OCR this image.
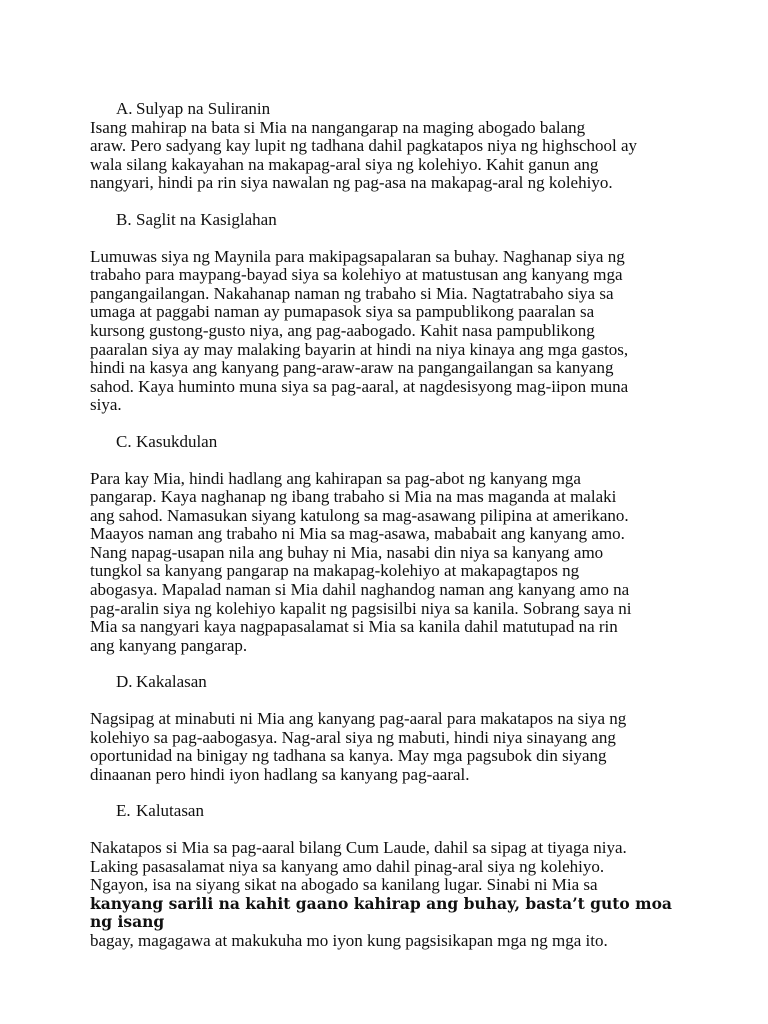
A. Sulyap na Suliranin

Isang mahirap na bata si Mia na nangangarap na maging abogado balang
araw. Pero sadyang kay lupit ng tadhana dahil pagkatapos niya ng highschool ay
wala silang kakayahan na makapag-aral siya ng kolehiyo. Kahit ganun ang
nangyari, hindi pa rin siya nawalan ng pag-asa na makapag-aral ng kolehiyo.

B. Saglit na Kasiglahan

Lumuwas siya ng Maynila para makipagsapalaran sa buhay. Naghanap siya ng
trabaho para maypang-bayad siya sa kolehiyo at matustusan ang kanyang mga
pangangailangan. Nakahanap naman ng trabaho si Mia. Nagtatrabaho siya sa
umaga at paggabi naman ay pumapasok siya sa pampublikong paaralan sa
kursong gustong-gusto niya, ang pag-aabogado. Kahit nasa pampublikong
paaralan siya ay may malaking bayarin at hindi na niya kinaya ang mga gastos,
hindi na kasya ang kanyang pang-araw-araw na pangangailangan sa kanyang
sahod. Kaya huminto muna siya sa pag-aaral, at nagdesisyong mag-iipon muna
siya.

C. Kasukdulan

Para kay Mia, hindi hadlang ang kahirapan sa pag-abot ng kanyang mga
pangarap. Kaya naghanap ng ibang trabaho si Mia na mas maganda at malaki
ang sahod. Namasukan siyang katulong sa mag-asawang pilipina at amerikano.
Maayos naman ang trabaho ni Mia sa mag-asawa, mababait ang kanyang amo.
Nang napag-usapan nila ang buhay ni Mia, nasabi din niya sa kanyang amo
tungkol sa kanyang pangarap na makapag-kolehiyo at makapagtapos ng
abogasya. Mapalad naman si Mia dahil naghandog naman ang kanyang amo na
pag-aralin siya ng kolehiyo kapalit ng pagsisilbi niya sa kanila. Sobrang saya ni
Mia sa nangyari kaya nagpapasalamat si Mia sa kanila dahil matutupad na rin
ang kanyang pangarap.

D. Kakalasan

Nagsipag at minabuti ni Mia ang kanyang pag-aaral para makatapos na siya ng
kolehiyo sa pag-aabogasya. Nag-aral siya ng mabuti, hindi niya sinayang ang
oportunidad na binigay ng tadhana sa kanya. May mga pagsubok din siyang
dinaanan pero hindi iyon hadlang sa kanyang pag-aaral.

E. Kalutasan

Nakatapos si Mia sa pag-aaral bilang Cum Laude, dahil sa sipag at tiyaga niya.
Laking pasasalamat niya sa kanyang amo dahil pinag-aral siya ng kolehiyo.
Ngayon, isa na siyang sikat na abogado sa kanilang lugar. Sinabi ni Mia sa

kanyang sarili na kahit gaano kahirap ang buhay, basta’t guto moa ng isang

bagay, magagawa at makukuha mo iyon kung pagsisikapan mga ng mga ito.
